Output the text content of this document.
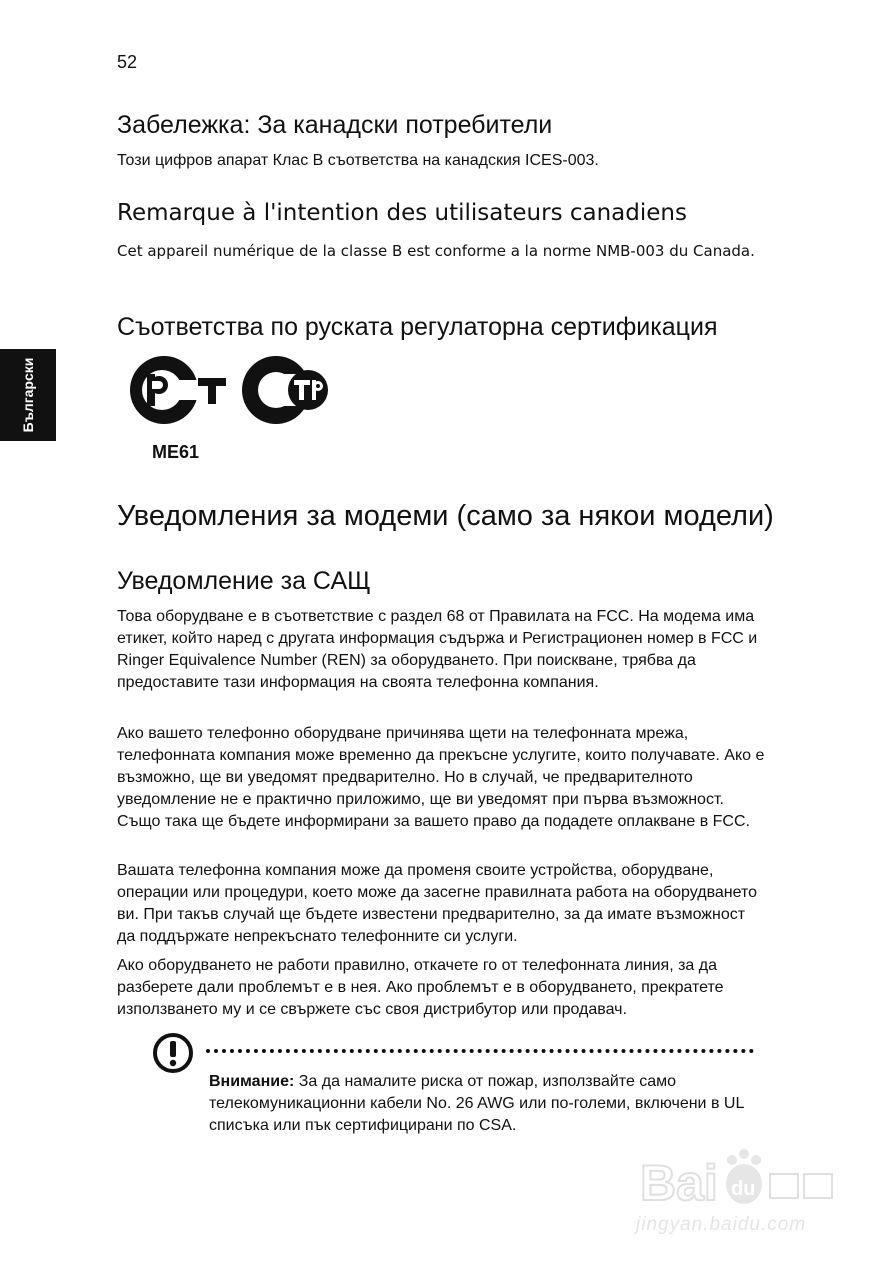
52
Български
Забележка: За канадски потребители

Този цифров апарат Клас B съответства на канадския ICES-003.

Remarque à l'intention des utilisateurs canadiens

Cet appareil numérique de la classe B est conforme a la norme NMB-003 du Canada.

Съответства по руската регулаторна сертификация
ME61
Уведомления за модеми (само за някои модели)
Уведомление за САЩ

Това оборудване е в съответствие с раздел 68 от Правилата на FCC. На модема има етикет, който наред с другата информация съдържа и Регистрационен номер в FCC и Ringer Equivalence Number (REN) за оборудването. При поискване, трябва да предоставите тази информация на своята телефонна компания.

Ако вашето телефонно оборудване причинява щети на телефонната мрежа, телефонната компания може временно да прекъсне услугите, които получавате. Ако е възможно, ще ви уведомят предварително. Но в случай, че предварителното уведомление не е практично приложимо, ще ви уведомят при първа възможност. Също така ще бъдете информирани за вашето право да подадете оплакване в FCC.

Вашата телефонна компания може да променя своите устройства, оборудване, операции или процедури, което може да засегне правилната работа на оборудването ви. При такъв случай ще бъдете известени предварително, за да имате възможност да поддържате непрекъснато телефонните си услуги.

Ако оборудването не работи правилно, откачете го от телефонната линия, за да разберете дали проблемът е в нея. Ако проблемът е в оборудването, прекратете използването му и се свържете със своя дистрибутор или продавач.

Внимание: За да намалите риска от пожар, използвайте само телекомуникационни кабели No. 26 AWG или по-големи, включени в UL списъка или пък сертифицирани по CSA.

Bai du
jingyan.baidu.com
